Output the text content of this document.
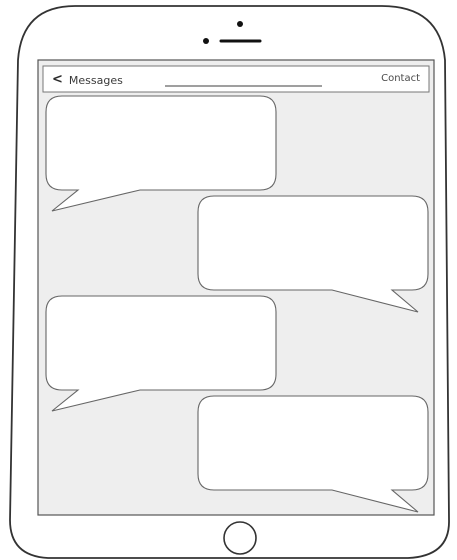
< Messages	Contact
